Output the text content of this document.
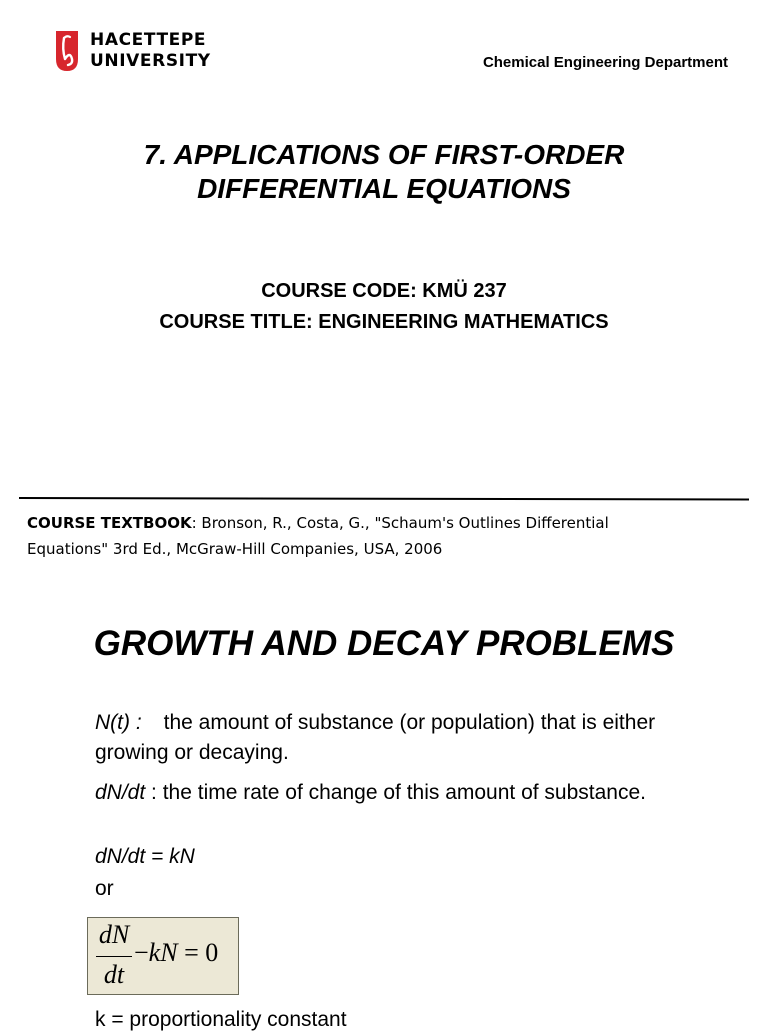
HACETTEPE
UNIVERSITY	Chemical Engineering Department
7. APPLICATIONS OF FIRST-ORDER
DIFFERENTIAL EQUATIONS
COURSE CODE: KMÜ 237
COURSE TITLE: ENGINEERING MATHEMATICS
COURSE TEXTBOOK: Bronson, R., Costa, G., "Schaum's Outlines Differential
Equations" 3rd Ed., McGraw-Hill Companies, USA, 2006
GROWTH AND DECAY PROBLEMS
N(t) : the amount of substance (or population) that is either growing or decaying.
dN/dt : the time rate of change of this amount of substance.
dN/dt = kN
or
dN
dt
−kN = 0
k = proportionality constant
